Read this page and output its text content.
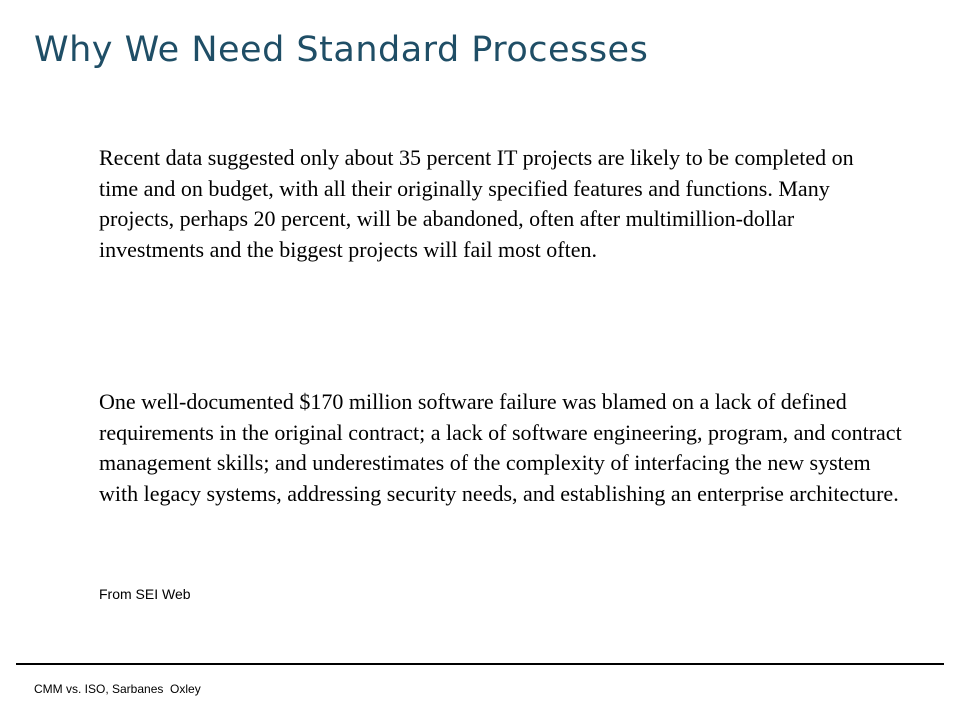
Why We Need Standard Processes

Recent data suggested only about 35 percent IT projects are likely to be completed on time and on budget, with all their originally specified features and functions. Many projects, perhaps 20 percent, will be abandoned, often after multimillion-dollar investments and the biggest projects will fail most often.

One well-documented $170 million software failure was blamed on a lack of defined requirements in the original contract; a lack of software engineering, program, and contract management skills; and underestimates of the complexity of interfacing the new system with legacy systems, addressing security needs, and establishing an enterprise architecture.

From SEI Web

CMM vs. ISO, Sarbanes  Oxley
